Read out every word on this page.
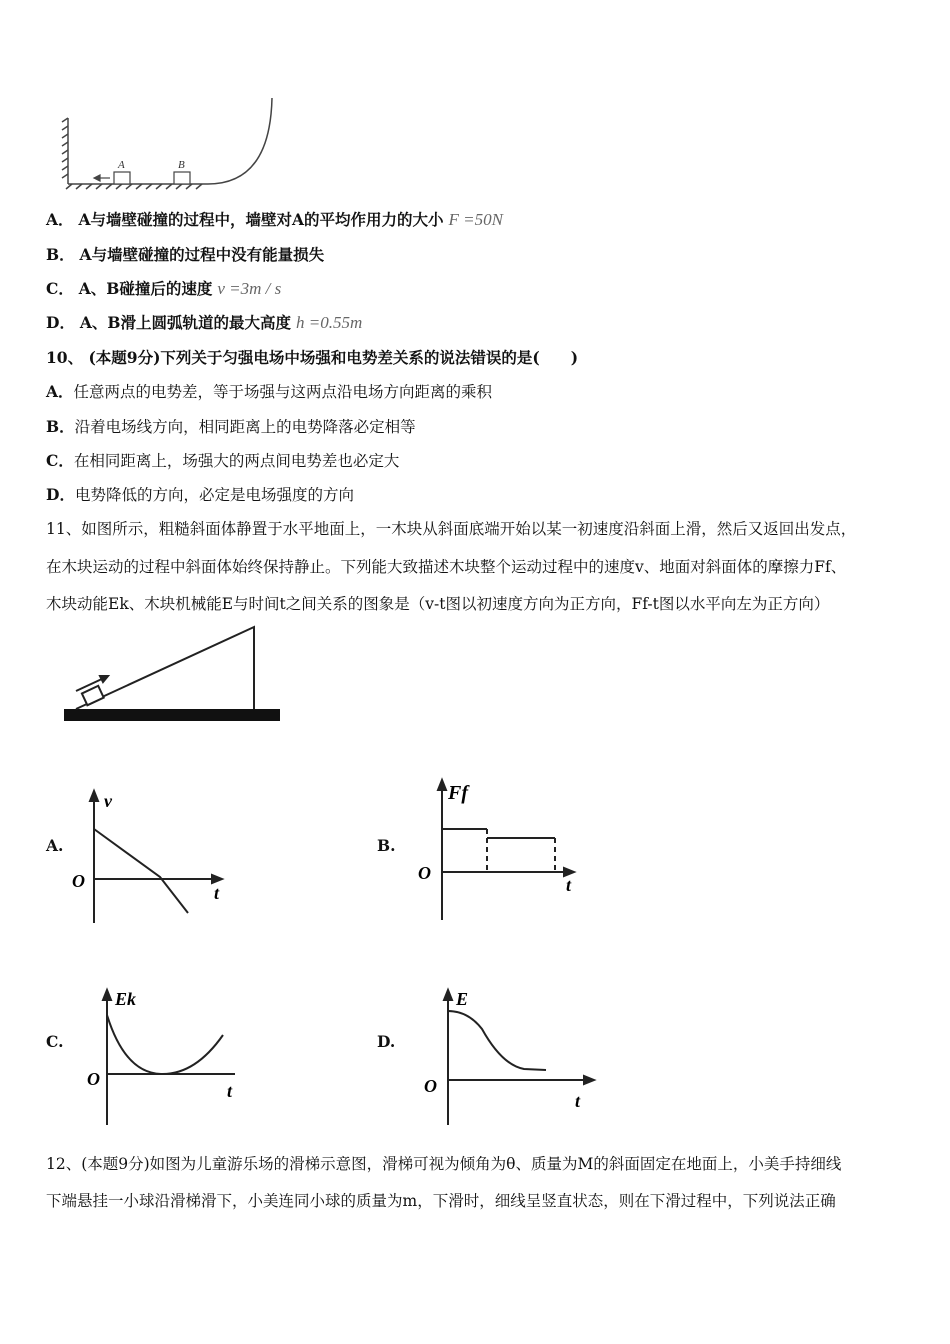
A	B
A． A与墙壁碰撞的过程中，墙壁对A的平均作用力的大小 F =50N
B． A与墙壁碰撞的过程中没有能量损失
C． A、B碰撞后的速度 v =3m / s
D． A、B滑上圆弧轨道的最大高度 h =0.55m
10、 (本题9分)下列关于匀强电场中场强和电势差关系的说法错误的是(　　)
A．任意两点的电势差，等于场强与这两点沿电场方向距离的乘积
B．沿着电场线方向，相同距离上的电势降落必定相等
C．在相同距离上，场强大的两点间电势差也必定大
D．电势降低的方向，必定是电场强度的方向
11、如图所示，粗糙斜面体静置于水平地面上，一木块从斜面底端开始以某一初速度沿斜面上滑，然后又返回出发点，
在木块运动的过程中斜面体始终保持静止。下列能大致描述木块整个运动过程中的速度v、地面对斜面体的摩擦力Ff、
木块动能Ek、木块机械能E与时间t之间关系的图象是（v-t图以初速度方向为正方向，Ff-t图以水平向左为正方向）
A.	B.
C.	D.
v
t
O
Ff
t
O
Ek
t
O
E
t
O
12、(本题9分)如图为儿童游乐场的滑梯示意图，滑梯可视为倾角为θ、质量为M的斜面固定在地面上，小美手持细线
下端悬挂一小球沿滑梯滑下，小美连同小球的质量为m，下滑时，细线呈竖直状态，则在下滑过程中，下列说法正确
